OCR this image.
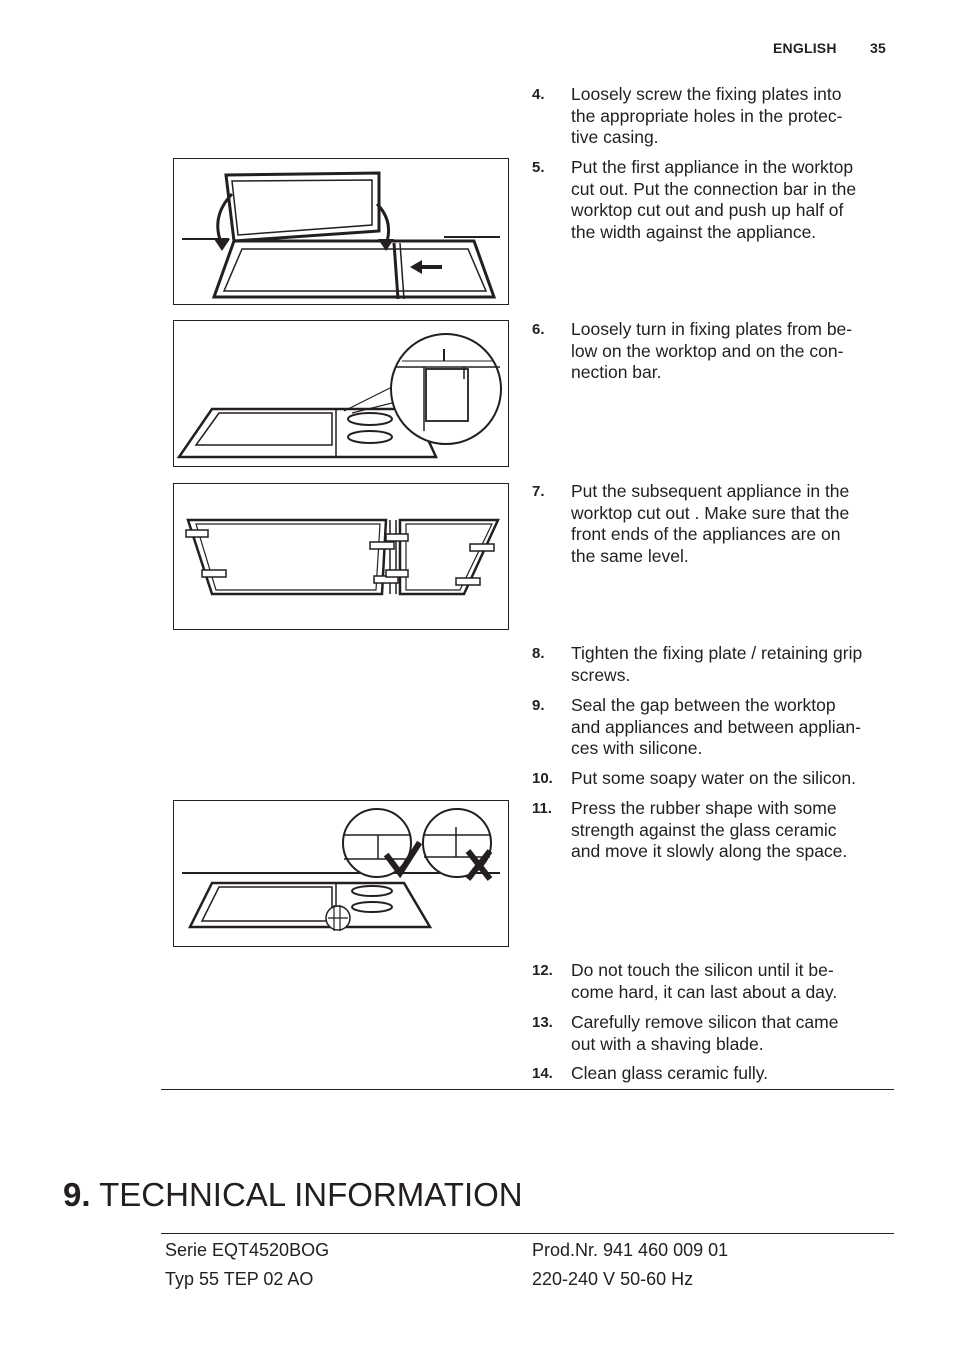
ENGLISH 35
4. Loosely screw the fixing plates into
the appropriate holes in the protec-
tive casing.
5. Put the first appliance in the worktop
cut out. Put the connection bar in the
worktop cut out and push up half of
the width against the appliance.
6. Loosely turn in fixing plates from be-
low on the worktop and on the con-
nection bar.
7. Put the subsequent appliance in the
worktop cut out . Make sure that the
front ends of the appliances are on
the same level.
8. Tighten the fixing plate / retaining grip
screws.
9. Seal the gap between the worktop
and appliances and between applian-
ces with silicone.
10. Put some soapy water on the silicon.
11. Press the rubber shape with some
strength against the glass ceramic
and move it slowly along the space.
12. Do not touch the silicon until it be-
come hard, it can last about a day.
13. Carefully remove silicon that came
out with a shaving blade.
14. Clean glass ceramic fully.
9. TECHNICAL INFORMATION
Serie EQT4520BOG	Prod.Nr. 941 460 009 01
Typ 55 TEP 02 AO	220-240 V 50-60 Hz
